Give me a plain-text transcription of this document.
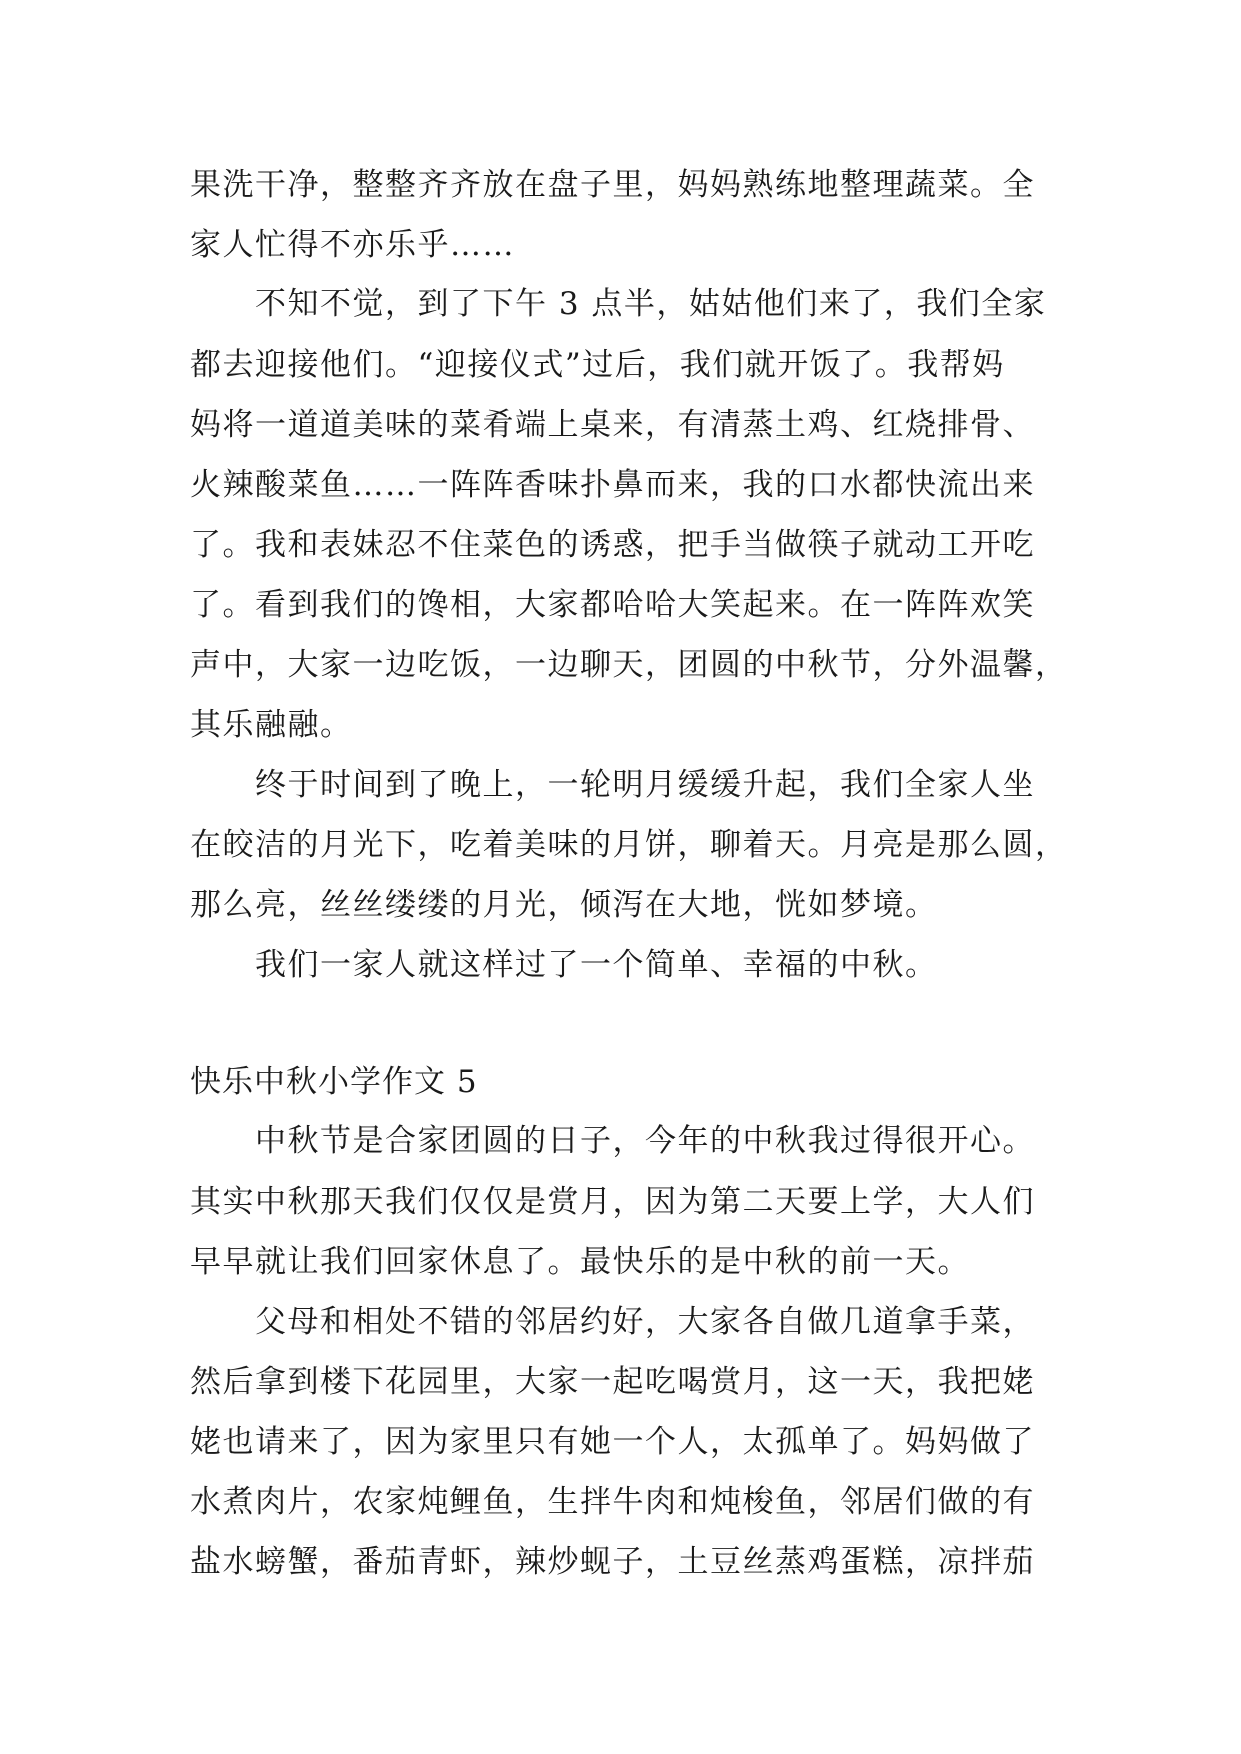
果洗干净，整整齐齐放在盘子里，妈妈熟练地整理蔬菜。全
家人忙得不亦乐乎……
不知不觉，到了下午 3 点半，姑姑他们来了，我们全家
都去迎接他们。“迎接仪式”过后，我们就开饭了。我帮妈
妈将一道道美味的菜肴端上桌来，有清蒸土鸡、红烧排骨、
火辣酸菜鱼……一阵阵香味扑鼻而来，我的口水都快流出来
了。我和表妹忍不住菜色的诱惑，把手当做筷子就动工开吃
了。看到我们的馋相，大家都哈哈大笑起来。在一阵阵欢笑
声中，大家一边吃饭，一边聊天，团圆的中秋节，分外温馨，
其乐融融。
终于时间到了晚上，一轮明月缓缓升起，我们全家人坐
在皎洁的月光下，吃着美味的月饼，聊着天。月亮是那么圆，
那么亮，丝丝缕缕的月光，倾泻在大地，恍如梦境。
我们一家人就这样过了一个简单、幸福的中秋。
快乐中秋小学作文 5
中秋节是合家团圆的日子，今年的中秋我过得很开心。
其实中秋那天我们仅仅是赏月，因为第二天要上学，大人们
早早就让我们回家休息了。最快乐的是中秋的前一天。
父母和相处不错的邻居约好，大家各自做几道拿手菜，
然后拿到楼下花园里，大家一起吃喝赏月，这一天，我把姥
姥也请来了，因为家里只有她一个人，太孤单了。妈妈做了
水煮肉片，农家炖鲤鱼，生拌牛肉和炖梭鱼，邻居们做的有
盐水螃蟹，番茄青虾，辣炒蚬子，土豆丝蒸鸡蛋糕，凉拌茄
